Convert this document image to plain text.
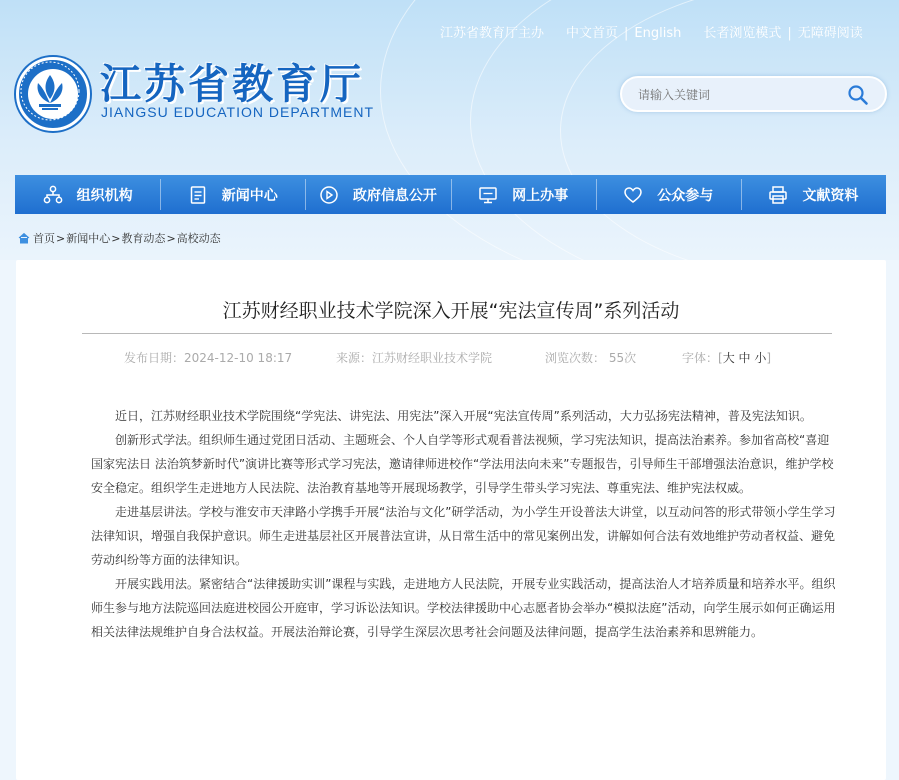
江苏省教育厅主办 中文首页 | English 长者浏览模式 | 无障碍阅读
江苏省教育厅
JIANGSU EDUCATION DEPARTMENT
请输入关键词
组织机构	新闻中心	政府信息公开	网上办事	公众参与	文献资料
首页 > 新闻中心 > 教育动态 > 高校动态
江苏财经职业技术学院深入开展“宪法宣传周”系列活动
发布日期：2024-12-10 18:17	来源：江苏财经职业技术学院	浏览次数： 55次	字体：[大 中 小]

近日，江苏财经职业技术学院围绕“学宪法、讲宪法、用宪法”深入开展“宪法宣传周”系列活动，大力弘扬宪法精神，普及宪法知识。

创新形式学法。组织师生通过党团日活动、主题班会、个人自学等形式观看普法视频，学习宪法知识，提高法治素养。参加省高校“喜迎国家宪法日 法治筑梦新时代”演讲比赛等形式学习宪法，邀请律师进校作“学法用法向未来”专题报告，引导师生干部增强法治意识，维护学校安全稳定。组织学生走进地方人民法院、法治教育基地等开展现场教学，引导学生带头学习宪法、尊重宪法、维护宪法权威。

走进基层讲法。学校与淮安市天津路小学携手开展“法治与文化”研学活动，为小学生开设普法大讲堂，以互动问答的形式带领小学生学习法律知识，增强自我保护意识。师生走进基层社区开展普法宣讲，从日常生活中的常见案例出发，讲解如何合法有效地维护劳动者权益、避免劳动纠纷等方面的法律知识。

开展实践用法。紧密结合“法律援助实训”课程与实践，走进地方人民法院，开展专业实践活动，提高法治人才培养质量和培养水平。组织师生参与地方法院巡回法庭进校园公开庭审，学习诉讼法知识。学校法律援助中心志愿者协会举办“模拟法庭”活动，向学生展示如何正确运用相关法律法规维护自身合法权益。开展法治辩论赛，引导学生深层次思考社会问题及法律问题，提高学生法治素养和思辨能力。
